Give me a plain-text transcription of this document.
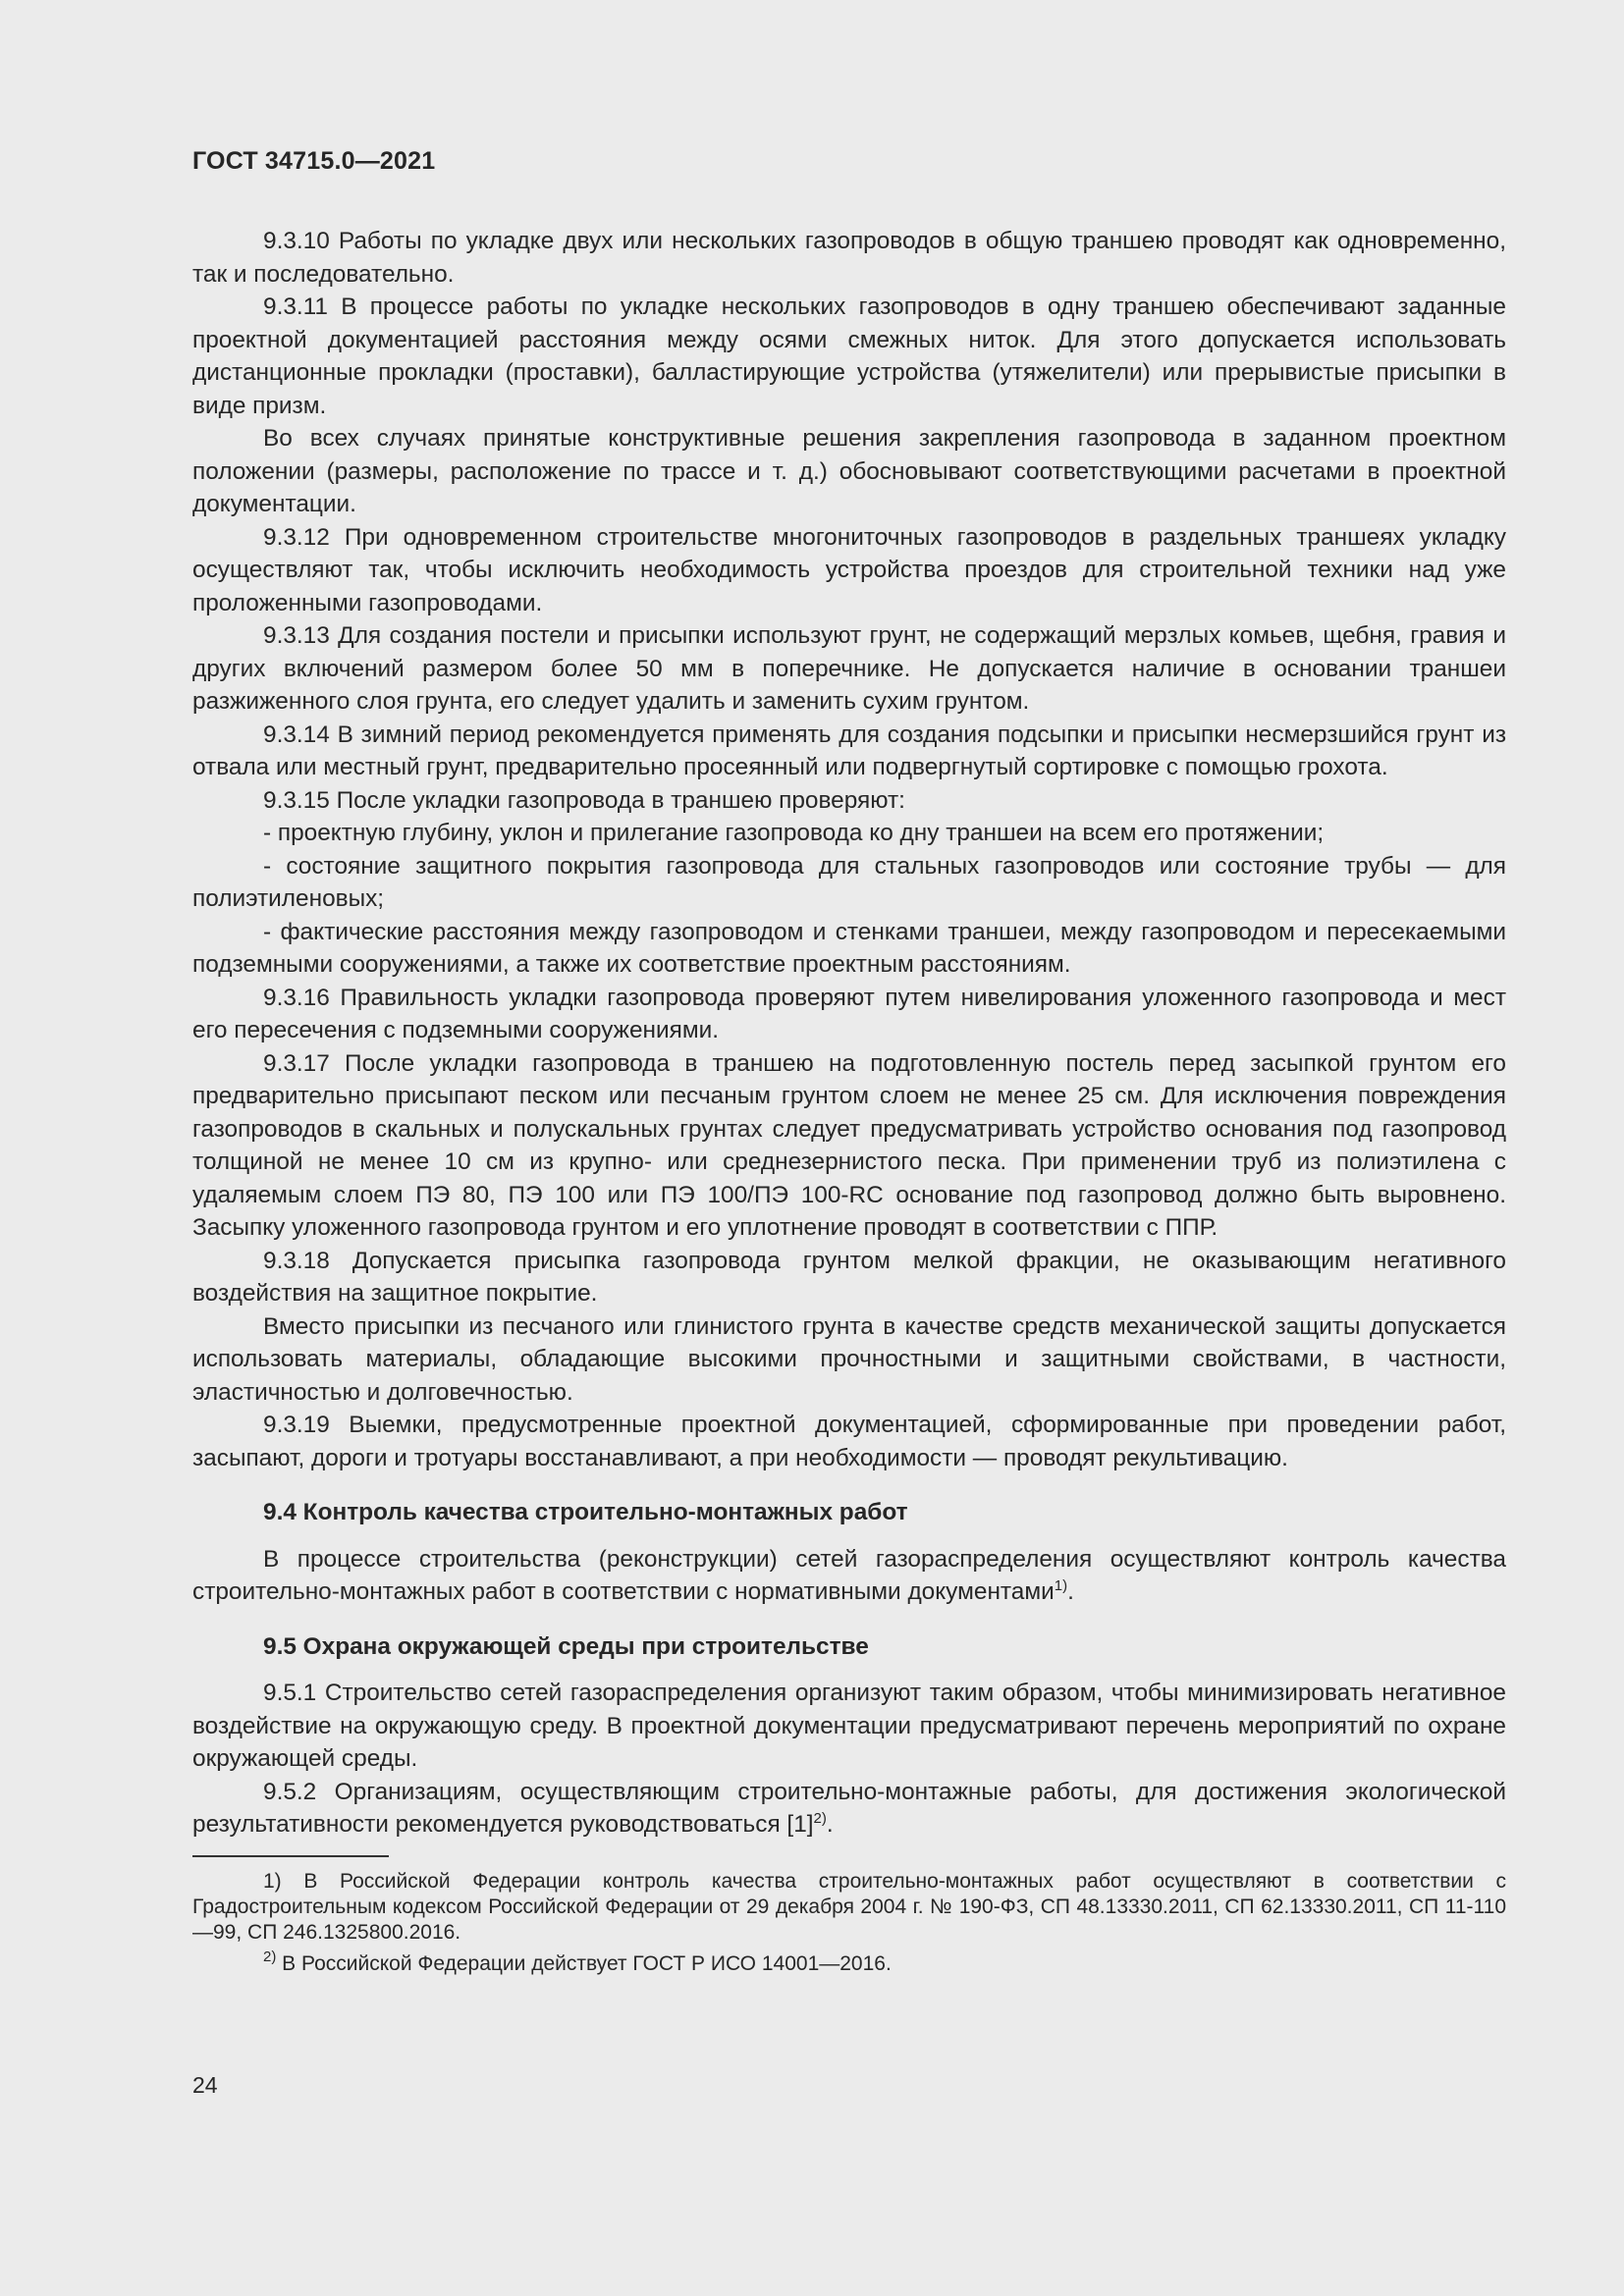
ГОСТ 34715.0—2021

9.3.10 Работы по укладке двух или нескольких газопроводов в общую траншею проводят как одновременно, так и последовательно.

9.3.11 В процессе работы по укладке нескольких газопроводов в одну траншею обеспечивают заданные проектной документацией расстояния между осями смежных ниток. Для этого допускается использовать дистанционные прокладки (проставки), балластирующие устройства (утяжелители) или прерывистые присыпки в виде призм.

Во всех случаях принятые конструктивные решения закрепления газопровода в заданном проектном положении (размеры, расположение по трассе и т. д.) обосновывают соответствующими расчетами в проектной документации.

9.3.12 При одновременном строительстве многониточных газопроводов в раздельных траншеях укладку осуществляют так, чтобы исключить необходимость устройства проездов для строительной техники над уже проложенными газопроводами.

9.3.13 Для создания постели и присыпки используют грунт, не содержащий мерзлых комьев, щебня, гравия и других включений размером более 50 мм в поперечнике. Не допускается наличие в основании траншеи разжиженного слоя грунта, его следует удалить и заменить сухим грунтом.

9.3.14 В зимний период рекомендуется применять для создания подсыпки и присыпки несмерзшийся грунт из отвала или местный грунт, предварительно просеянный или подвергнутый сортировке с помощью грохота.

9.3.15 После укладки газопровода в траншею проверяют:

- проектную глубину, уклон и прилегание газопровода ко дну траншеи на всем его протяжении;

- состояние защитного покрытия газопровода для стальных газопроводов или состояние трубы — для полиэтиленовых;

- фактические расстояния между газопроводом и стенками траншеи, между газопроводом и пересекаемыми подземными сооружениями, а также их соответствие проектным расстояниям.

9.3.16 Правильность укладки газопровода проверяют путем нивелирования уложенного газопровода и мест его пересечения с подземными сооружениями.

9.3.17 После укладки газопровода в траншею на подготовленную постель перед засыпкой грунтом его предварительно присыпают песком или песчаным грунтом слоем не менее 25 см. Для исключения повреждения газопроводов в скальных и полускальных грунтах следует предусматривать устройство основания под газопровод толщиной не менее 10 см из крупно- или среднезернистого песка. При применении труб из полиэтилена с удаляемым слоем ПЭ 80, ПЭ 100 или ПЭ 100/ПЭ 100-RC основание под газопровод должно быть выровнено. Засыпку уложенного газопровода грунтом и его уплотнение проводят в соответствии с ППР.

9.3.18 Допускается присыпка газопровода грунтом мелкой фракции, не оказывающим негативного воздействия на защитное покрытие.

Вместо присыпки из песчаного или глинистого грунта в качестве средств механической защиты допускается использовать материалы, обладающие высокими прочностными и защитными свойствами, в частности, эластичностью и долговечностью.

9.3.19 Выемки, предусмотренные проектной документацией, сформированные при проведении работ, засыпают, дороги и тротуары восстанавливают, а при необходимости — проводят рекультивацию.

9.4 Контроль качества строительно-монтажных работ

В процессе строительства (реконструкции) сетей газораспределения осуществляют контроль качества строительно-монтажных работ в соответствии с нормативными документами$^{1)}$.

9.5 Охрана окружающей среды при строительстве

9.5.1 Строительство сетей газораспределения организуют таким образом, чтобы минимизировать негативное воздействие на окружающую среду. В проектной документации предусматривают перечень мероприятий по охране окружающей среды.

9.5.2 Организациям, осуществляющим строительно-монтажные работы, для достижения экологической результативности рекомендуется руководствоваться $[1]^{2)}$.

1) В Российской Федерации контроль качества строительно-монтажных работ осуществляют в соответствии с Градостроительным кодексом Российской Федерации от 29 декабря 2004 г. № 190-ФЗ, СП 48.13330.2011, СП 62.13330.2011, СП 11-110—99, СП 246.1325800.2016.

$^{2)}$ В Российской Федерации действует ГОСТ Р ИСО 14001—2016.

24
